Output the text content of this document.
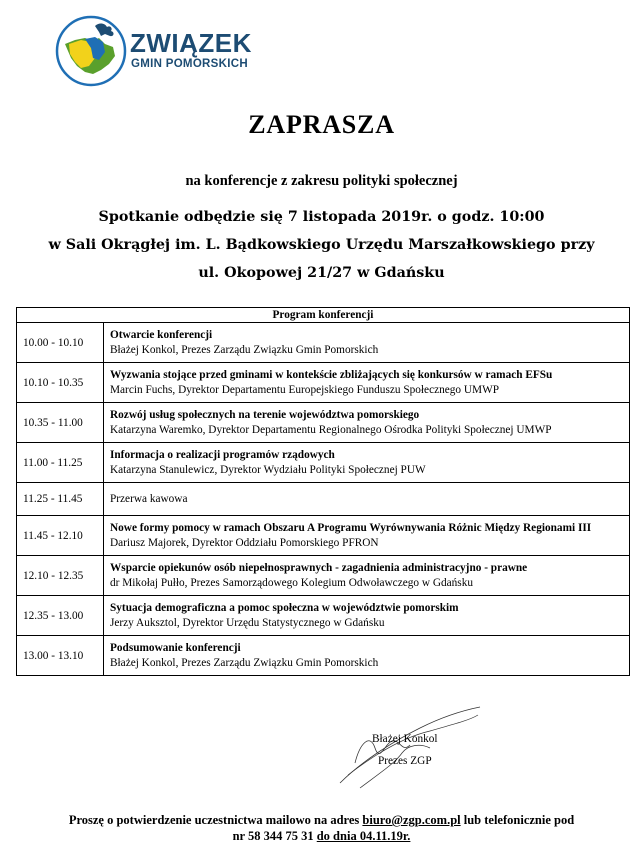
ZWIĄZEK
GMIN POMORSKICH
ZAPRASZA
na konferencje z zakresu polityki społecznej
Spotkanie odbędzie się 7 listopada 2019r. o godz. 10:00
w Sali Okrągłej im. L. Bądkowskiego Urzędu Marszałkowskiego przy
ul. Okopowej 21/27 w Gdańsku
Program konferencji	
10.00 - 10.10	Otwarcie konferencji
Błażej Konkol, Prezes Zarządu Związku Gmin Pomorskich

10.10 - 10.35	Wyzwania stojące przed gminami w kontekście zbliżających się konkursów w ramach EFSu
Marcin Fuchs, Dyrektor Departamentu Europejskiego Funduszu Społecznego UMWP

10.35 - 11.00	Rozwój usług społecznych na terenie województwa pomorskiego
Katarzyna Waremko, Dyrektor Departamentu Regionalnego Ośrodka Polityki Społecznej UMWP

11.00 - 11.25	Informacja o realizacji programów rządowych
Katarzyna Stanulewicz, Dyrektor Wydziału Polityki Społecznej PUW

11.25 - 11.45	Przerwa kawowa

11.45 - 12.10	Nowe formy pomocy w ramach Obszaru A Programu Wyrównywania Różnic Między Regionami III
Dariusz Majorek, Dyrektor Oddziału Pomorskiego PFRON

12.10 - 12.35	Wsparcie opiekunów osób niepełnosprawnych - zagadnienia administracyjno - prawne
dr Mikołaj Pułło, Prezes Samorządowego Kolegium Odwoławczego w Gdańsku

12.35 - 13.00	Sytuacja demograficzna a pomoc społeczna w województwie pomorskim
Jerzy Auksztol, Dyrektor Urzędu Statystycznego w Gdańsku

13.00 - 13.10	Podsumowanie konferencji
Błażej Konkol, Prezes Zarządu Związku Gmin Pomorskich
Błażej Konkol
Prezes ZGP
Proszę o potwierdzenie uczestnictwa mailowo na adres biuro@zgp.com.pl lub telefonicznie pod
nr 58 344 75 31 do dnia 04.11.19r.
